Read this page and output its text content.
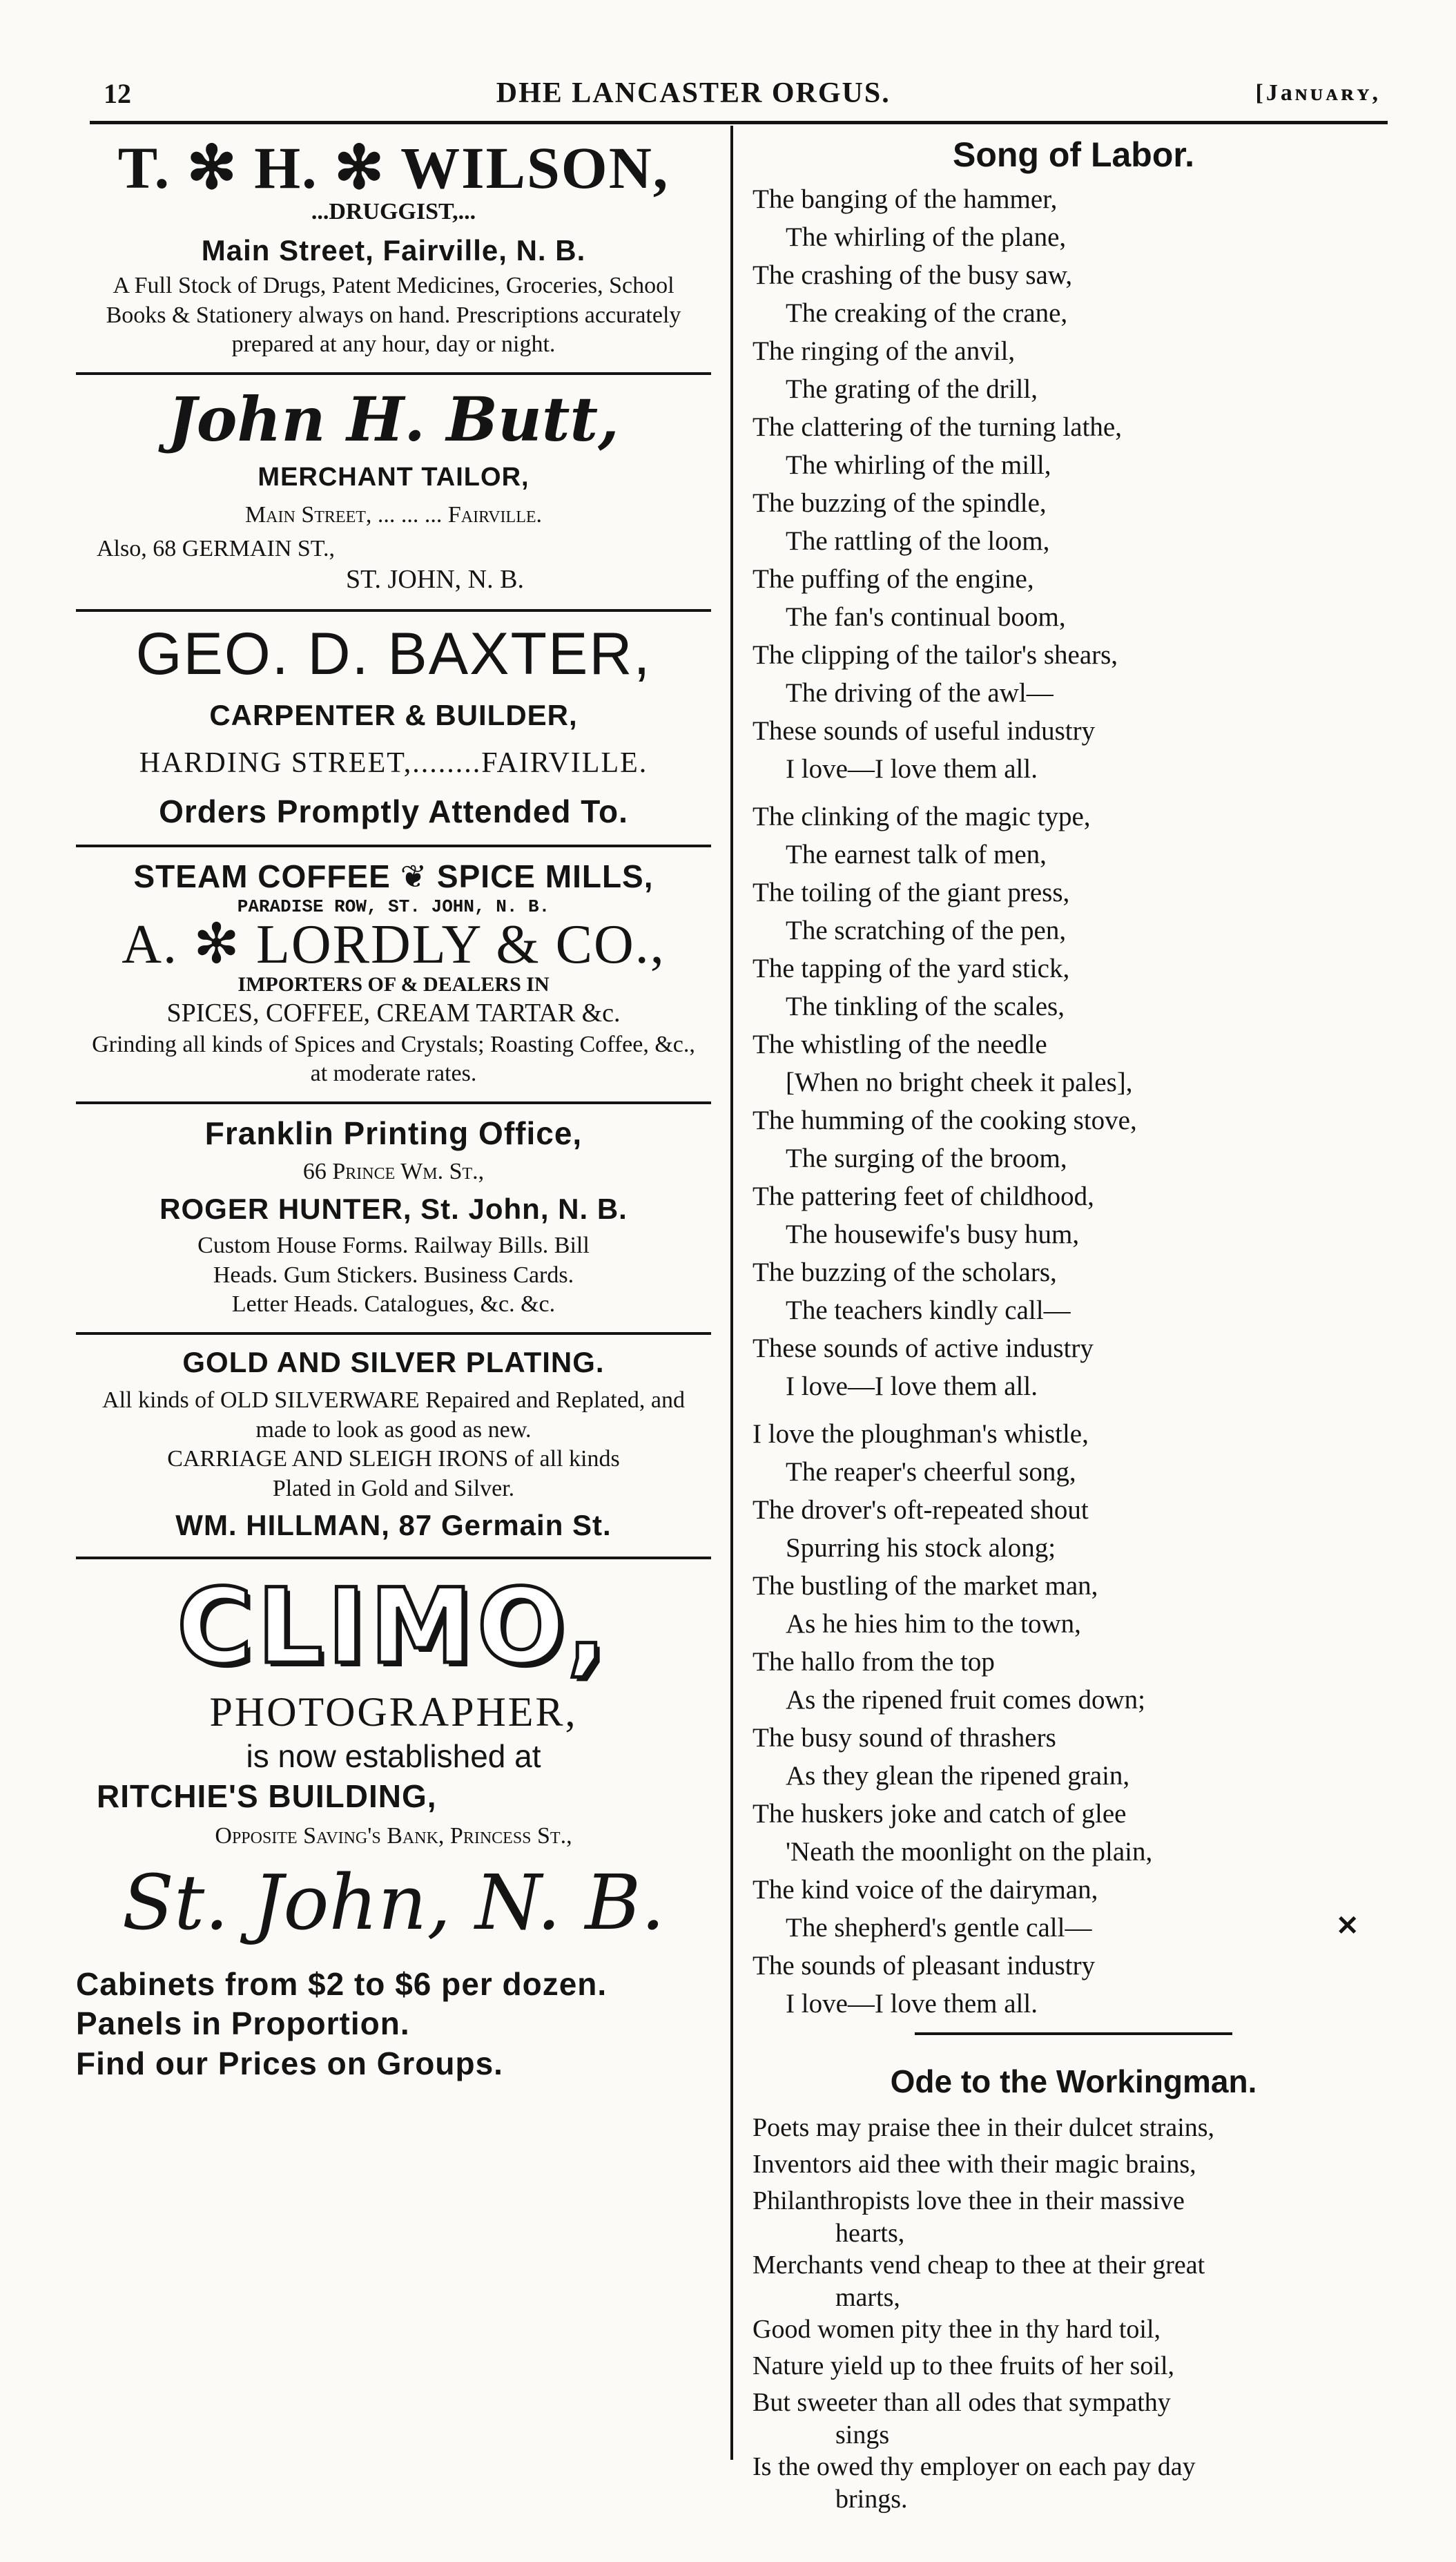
12	DHE LANCASTER ORGUS.	[Jaɴᴜᴀʀʏ,
T. ✻ H. ✻ WILSON,
...DRUGGIST,...
Main Street, Fairville, N. B.
A Full Stock of Drugs, Patent Medicines, Groceries, School Books & Stationery always on hand. Prescriptions accurately prepared at any hour, day or night.
John H. Butt,
MERCHANT TAILOR,
Main Street, ... ... ... Fairville.
Also, 68 GERMAIN ST.,
ST. JOHN, N. B.
GEO. D. BAXTER,
CARPENTER & BUILDER,
HARDING STREET,........FAIRVILLE.
Orders Promptly Attended To.
STEAM COFFEE ❦ SPICE MILLS,
PARADISE ROW, ST. JOHN, N. B.
A. ✻ LORDLY & CO.,
IMPORTERS OF & DEALERS IN
SPICES, COFFEE, CREAM TARTAR &c.
Grinding all kinds of Spices and Crystals; Roasting Coffee, &c., at moderate rates.
Franklin Printing Office,
66 Prince Wm. St.,
ROGER HUNTER, St. John, N. B.
Custom House Forms. Railway Bills. Bill
Heads. Gum Stickers. Business Cards.
Letter Heads. Catalogues, &c. &c.
GOLD AND SILVER PLATING.
All kinds of OLD SILVERWARE Repaired and Replated, and made to look as good as new.
CARRIAGE AND SLEIGH IRONS of all kinds
Plated in Gold and Silver.
WM. HILLMAN, 87 Germain St.
CLIMO,
PHOTOGRAPHER,
is now established at
RITCHIE'S BUILDING,
Opposite Saving's Bank, Princess St.,
St. John, N. B.
Cabinets from $2 to $6 per dozen.
Panels in Proportion.
Find our Prices on Groups.
Song of Labor.
The banging of the hammer,
The whirling of the plane,
The crashing of the busy saw,
The creaking of the crane,
The ringing of the anvil,
The grating of the drill,
The clattering of the turning lathe,
The whirling of the mill,
The buzzing of the spindle,
The rattling of the loom,
The puffing of the engine,
The fan's continual boom,
The clipping of the tailor's shears,
The driving of the awl—
These sounds of useful industry
I love—I love them all.
The clinking of the magic type,
The earnest talk of men,
The toiling of the giant press,
The scratching of the pen,
The tapping of the yard stick,
The tinkling of the scales,
The whistling of the needle
[When no bright cheek it pales],
The humming of the cooking stove,
The surging of the broom,
The pattering feet of childhood,
The housewife's busy hum,
The buzzing of the scholars,
The teachers kindly call—
These sounds of active industry
I love—I love them all.
I love the ploughman's whistle,
The reaper's cheerful song,
The drover's oft-repeated shout
Spurring his stock along;
The bustling of the market man,
As he hies him to the town,
The hallo from the top
As the ripened fruit comes down;
The busy sound of thrashers
As they glean the ripened grain,
The huskers joke and catch of glee
'Neath the moonlight on the plain,
The kind voice of the dairyman,
The shepherd's gentle call—
The sounds of pleasant industry
I love—I love them all.
Ode to the Workingman.
Poets may praise thee in their dulcet strains,
Inventors aid thee with their magic brains,
Philanthropists love thee in their massive
hearts,
Merchants vend cheap to thee at their great
marts,
Good women pity thee in thy hard toil,
Nature yield up to thee fruits of her soil,
But sweeter than all odes that sympathy
sings
Is the owed thy employer on each pay day
brings.
✕
